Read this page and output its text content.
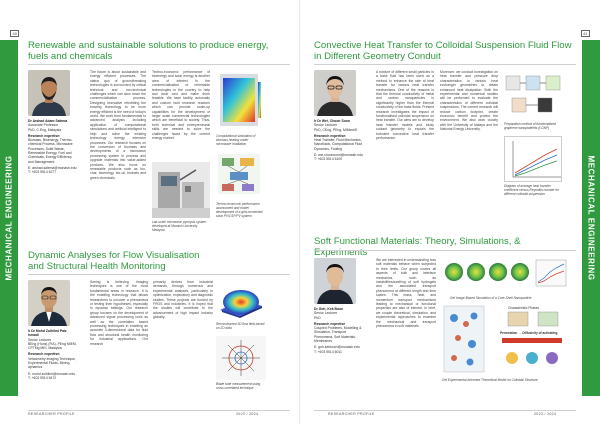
40
MECHANICAL ENGINEERING
Renewable and sustainable solutions to produce energy,
fuels and chemicals
Dr Arshad Adam Salema
Associate Professor
PhD, C.Eng, Malaysia
Research expertise:
Biomass, Bioenergy, Thermo-chemical Process, Microwave Processes, Solid Waste, Renewable Energy, Fuel and Chemicals, Energy Efficiency and Management
E: arshad.salema@monash.edu
T: +603 5514 6277
The future is about sustainable and energy efficient processes. The status quo of groundbreaking technologies is surrounded by critical technical and non-technical challenges which can slow down the commercialisation process. Designing innovative retrofitting the existing technology to be more energy efficient is the need of today's world. We work from fundamentals to advanced analysis including application of computational simulations and artificial intelligent to help and solve the existing technology energy intensive processes. Our research focuses on the conversion of biomass and developments of a microwave processing system to process and upgrade materials into value-added products. We also focus on renewable products such as bio-char, bioenergy, bio-oil, biofuels and green chemicals.
Techno-economic performance of bioenergy and solar energy is another area of interest in the commercialisation of renewable technologies in the country to help and treat cost and make them feasible. We have facility, automatic and custom built research reactors which can provide scale-up capabilities for the development of larger scale commercial technologies which are beneficial to society. Thus, both technical and entrepreneurial skills are needed to solve the challenges faced by the current energy market.
Lab-scale microwave pyrolysis system developed at Monash University Malaysia
Computational simulation of biomass heating under microwave irradiation
Techno-economic performance assessment and model development of a grid-connected solar PV/CSP/PV system
Dynamic Analyses for Flow Visualisation
and Structural Health Monitoring
Ir Dr Mohd Zulhilmi Paiz Ismadi
Senior Lecturer
BEng (Hons) (FiA), PEng MIEM, CPTMg MEI, Malaysia
Research expertise:
Velocimetry Imaging Technique, Experimental Fluids, Mixing dynamics
E: mohd.zulhilmi@monash.edu
T: +603 5514 5472
Seeing is believing. Imaging techniques is one of the most fundamental areas in research. It is the enabling technology that allows researchers to uncover a phenomena or testing their hypotheses, especially in dynamic settings. Our research group focuses on the development of advanced signal processing tools as well as the correlation based processing techniques in enabling an accurate 3-dimensional data for fluid flow and structural health monitoring for industrial applications. Our research
primarily derives from industrial demands, through numerous and experimental analyses, particularly in optimization, exploratory and diagnostic studies. These projects are funded by FRGS and industries. It is hoped that the studies will contribute to the advancement of high impact industry globally.
Reconstructed 3D flow field based on 2D data
Blade tube measurement using cross-correlated technique
RESEARCHER PROFILE	2023 / 2024
41
MECHANICAL ENGINEERING
Convective Heat Transfer to Colloidal Suspension Fluid Flow
in Different Geometry Conduit
Ir Dr Wei, Choon Soon
Senior Lecturer
PhD, CEng, PEng, MIMechE
Research expertise:
Heat Transfer, Fluid Mechanics, Nanofluids, Computational Fluid Dynamics, Fouling
E: wei.choonsoon@monash.edu
T: +603 5514 6100
A mixture of different small particles in a base fluid has been used as a method to enhance the rate of heat transfer for various heat transfer mechanisms. One of the reasons is that the thermal conductivity of metal and carbon nanoparticles is significantly higher than the thermal conductivity of the base fluids. Present research investigates the impact of functionalised colloidal suspension on heat transfer. Our aims are to develop heat transfer models and study coolant geometry to explain the turbulent convective heat transfer performance.
Moreover, we conduct investigation on heat transfer and pressure drop characteristics in various heat exchanger geometries to obtain enhanced heat dissipation. Both the experimental and numerical studies will be performed to evaluate the characteristics of different colloidal suspensions. The current research will reduce carbon footprint, create economic benefit and protect the environment. We also work closely with the University of Malaya and the National Energy University.
Preparation method of functionalised graphene nanoplatelets (f-GNP)
Diagram of average heat transfer coefficient versus Reynolds number for different colloidal suspension
Soft Functional Materials: Theory, Simulations, & Experiments
Dr Goh, Kek Boon
Senior Lecturer
PhD
Research expertise
Coupled Problems, Modelling & Simulation, Transport Phenomena, Soft Materials, Membranes
E: goh.kekboon@monash.edu
T: +603 5514 6011
We are interested in understanding how soft materials behave when subjected to their limits. Our group covers all aspects of bulk and interface mechanics, such as instabilities/swelling of soft hydrogels and the associated transport phenomena at different length and time scales. This mass, heat, and momentum transport mechanisms leading to mechanical or functional properties are also of interest. In brief, we couple theoretical, simulation, and experimental approaches to examine the mechanical and transport phenomena in soft materials.
Gel Image-Based Simulation of a Core-Shell Nanoparticle
Characteristic Phases
Permeation → Diffusivity of activating
Gel Experimental-Informed Theoretical Model on Colloidal Structure
RESEARCHER PROFILE	2023 / 2024
